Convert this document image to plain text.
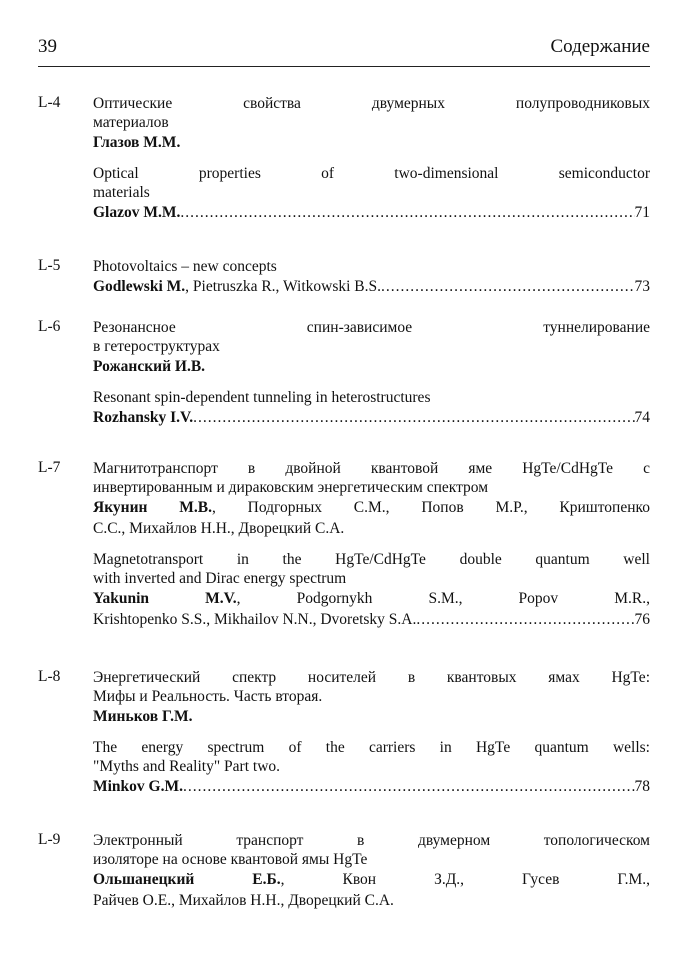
39	Содержание
L-4 Оптические свойства двумерных полупроводниковых
материалов
Глазов М.М.
Optical properties of two-dimensional semiconductor
materials
Glazov M.M. .....	71
L-5 Photovoltaics – new concepts
Godlewski M., Pietruszka R., Witkowski B.S. .....	73
L-6 Резонансное спин-зависимое туннелирование
в гетероструктурах
Рожанский И.В.
Resonant spin-dependent tunneling in heterostructures
Rozhansky I.V. .....	74
L-7 Магнитотранспорт в двойной квантовой яме HgTe/CdHgTe с
инвертированным и дираковским энергетическим спектром
Якунин М.В., Подгорных С.М., Попов М.Р., Криштопенко
С.С., Михайлов Н.Н., Дворецкий С.А.
Magnetotransport in the HgTe/CdHgTe double quantum well
with inverted and Dirac energy spectrum
Yakunin M.V., Podgornykh S.M., Popov M.R.,
Krishtopenko S.S., Mikhailov N.N., Dvoretsky S.A. .....	76
L-8 Энергетический спектр носителей в квантовых ямах HgTe:
Мифы и Реальность. Часть вторая.
Миньков Г.М.
The energy spectrum of the carriers in HgTe quantum wells:
"Myths and Reality" Part two.
Minkov G.M. .....	78
L-9 Электронный транспорт в двумерном топологическом
изоляторе на основе квантовой ямы HgTe
Ольшанецкий Е.Б., Квон З.Д., Гусев Г.М.,
Райчев О.Е., Михайлов Н.Н., Дворецкий С.А.
